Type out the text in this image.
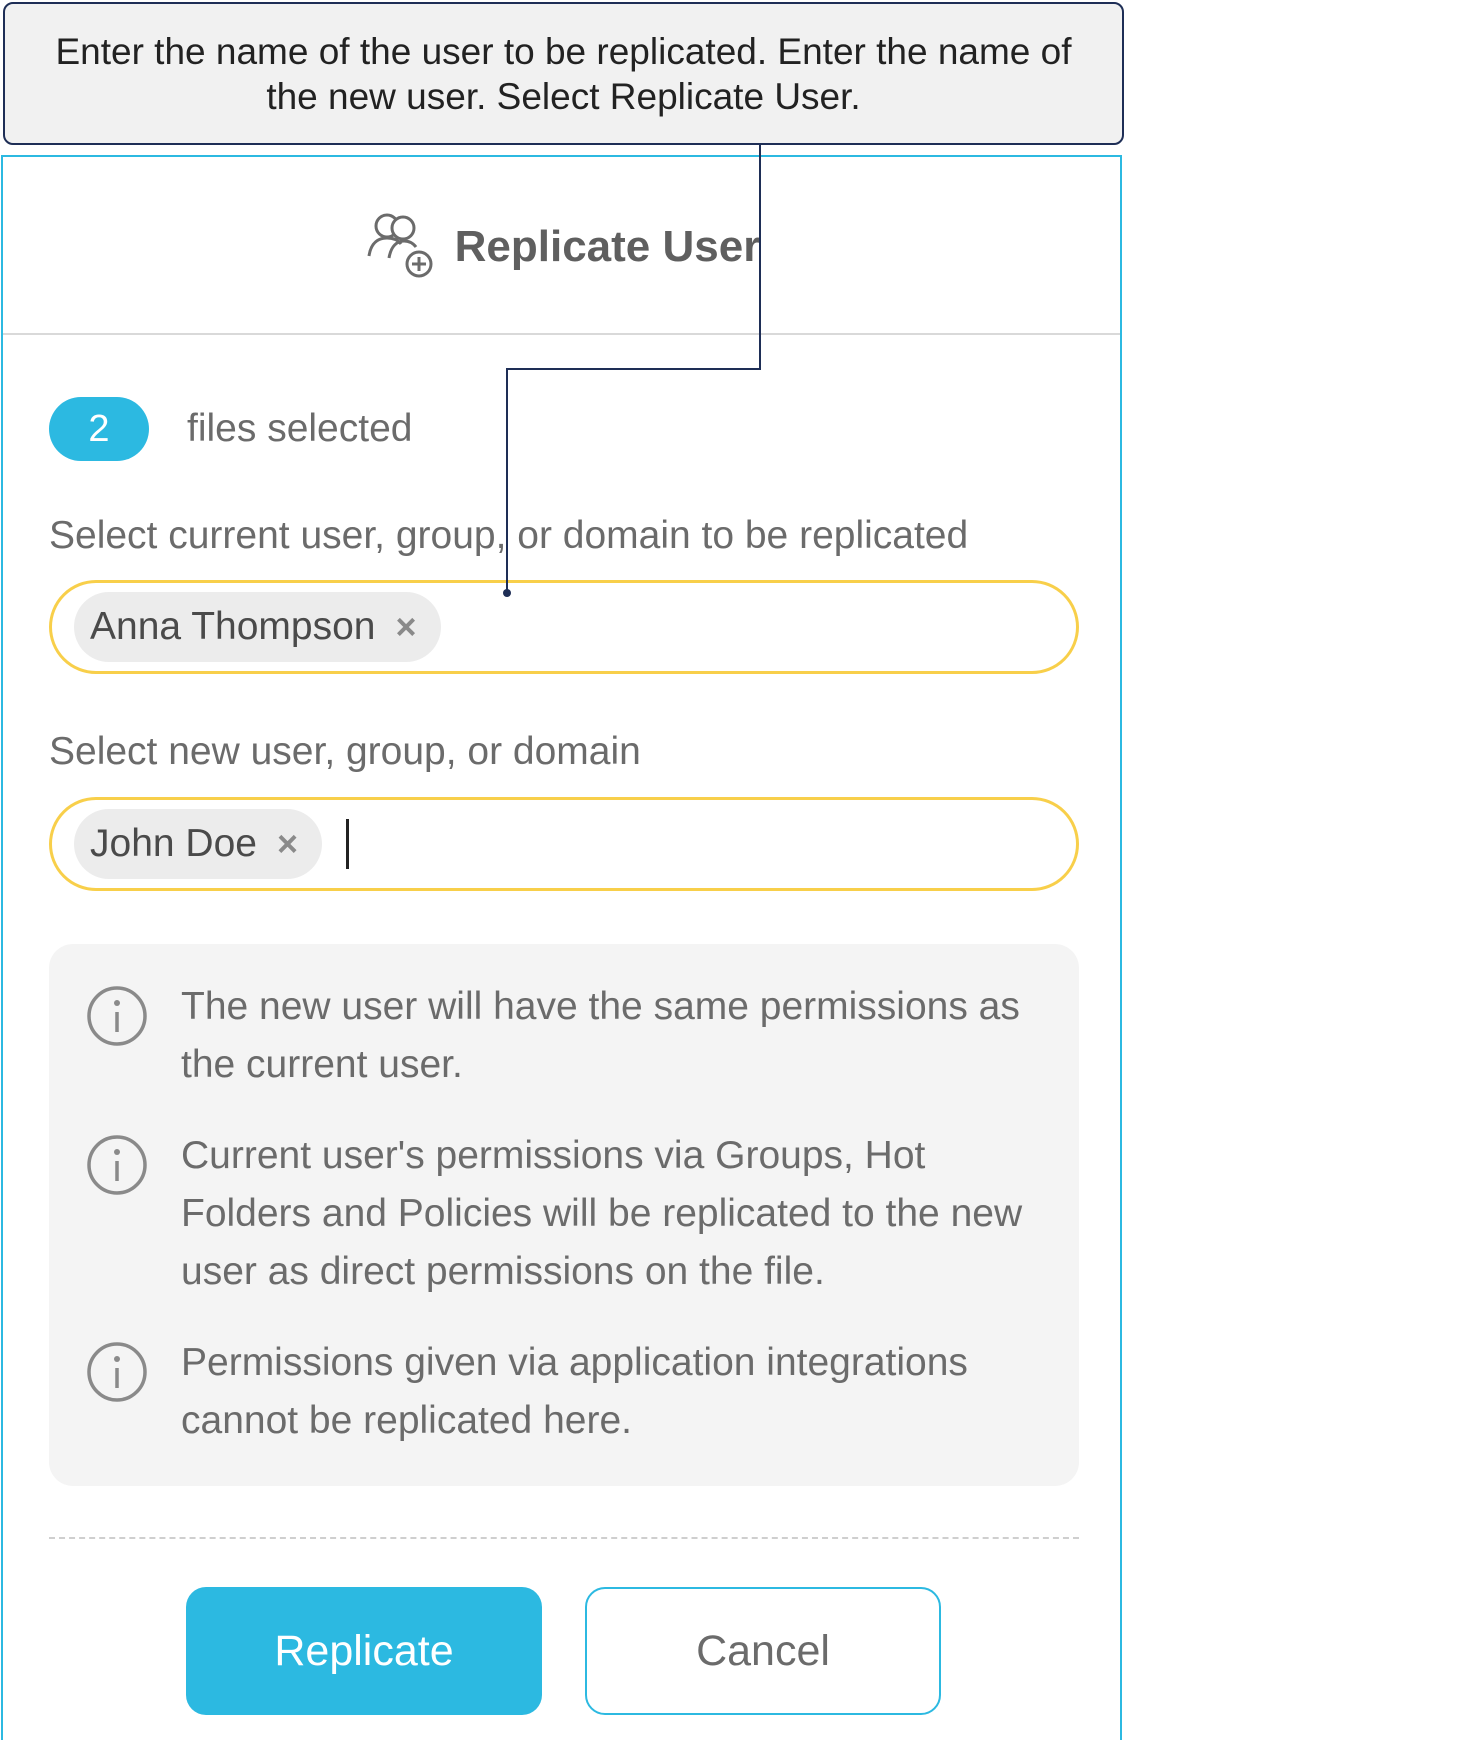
Enter the name of the user to be replicated. Enter the name of the new user. Select Replicate User.
Replicate User
2	files selected
Select current user, group, or domain to be replicated
Anna Thompson ×
Select new user, group, or domain
John Doe ×
The new user will have the same permissions as the current user.
Current user's permissions via Groups, Hot Folders and Policies will be replicated to the new user as direct permissions on the file.
Permissions given via application integrations cannot be replicated here.
Replicate	Cancel
